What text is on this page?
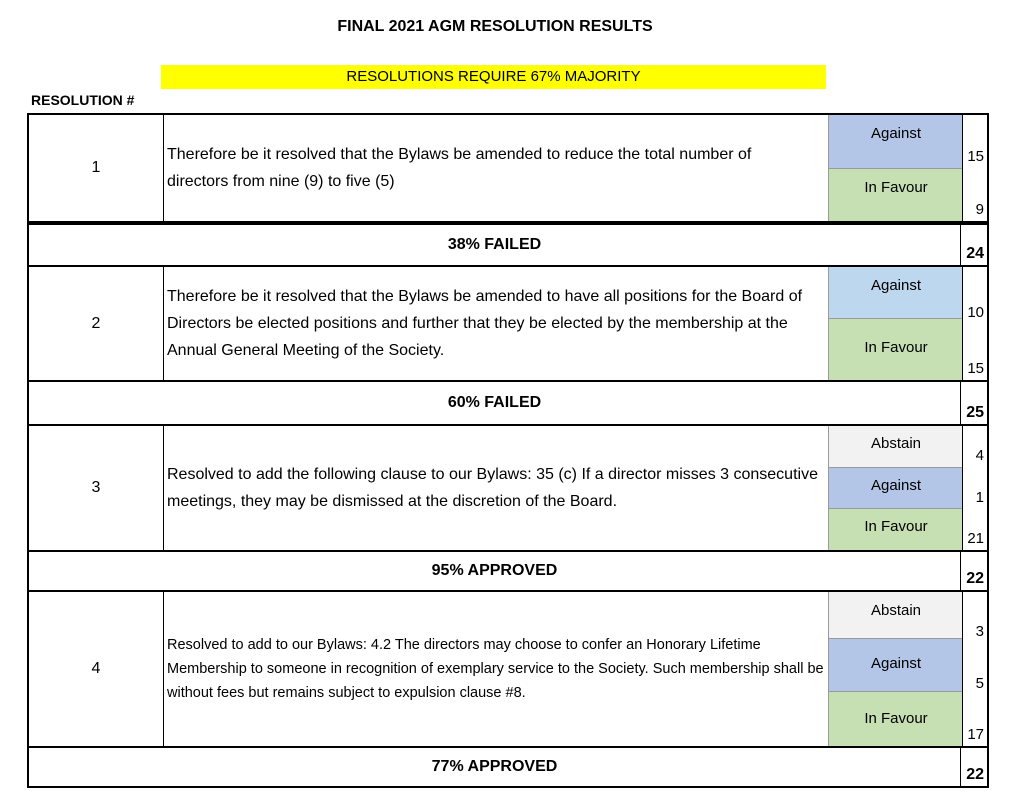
FINAL 2021 AGM RESOLUTION RESULTS
RESOLUTIONS REQUIRE 67% MAJORITY
RESOLUTION #
1
Therefore be it resolved that the Bylaws be amended to reduce the total number of directors from nine (9) to five (5)
Against
In Favour
15
9
38% FAILED
24
2
Therefore be it resolved that the Bylaws be amended to have all positions for the Board of Directors be elected positions and further that they be elected by the membership at the Annual General Meeting of the Society.
Against
In Favour
10
15
60% FAILED
25
3
Resolved to add the following clause to our Bylaws: 35 (c) If a director misses 3 consecutive meetings, they may be dismissed at the discretion of the Board.
Abstain
Against
In Favour
4
1
21
95% APPROVED	22
4
Resolved to add to our Bylaws: 4.2 The directors may choose to confer an Honorary Lifetime Membership to someone in recognition of exemplary service to the Society. Such membership shall be without fees but remains subject to expulsion clause #8.
Abstain
Against
In Favour
3
5
17
77% APPROVED	22
